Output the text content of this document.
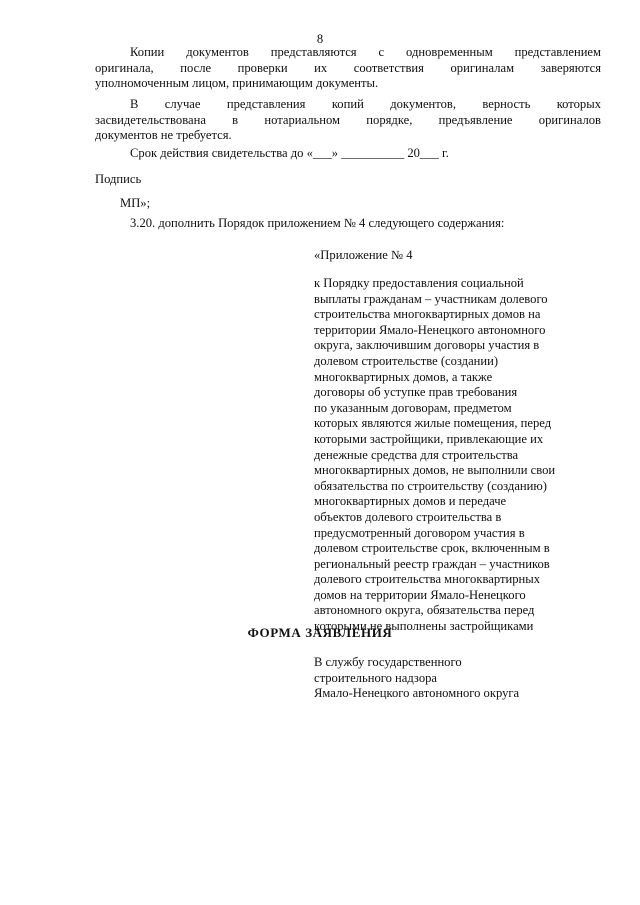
8
Копии документов представляются с одновременным представлением
оригинала, после проверки их соответствия оригиналам заверяются
уполномоченным лицом, принимающим документы.
В случае представления копий документов, верность которых
засвидетельствована в нотариальном порядке, предъявление оригиналов
документов не требуется.
Срок действия свидетельства до «___» __________ 20___ г.
Подпись
МП»;
3.20. дополнить Порядок приложением № 4 следующего содержания:
«Приложение № 4
к Порядку предоставления социальной
выплаты гражданам – участникам долевого
строительства многоквартирных домов на
территории Ямало-Ненецкого автономного
округа, заключившим договоры участия в
долевом строительстве (создании)
многоквартирных домов, а также
договоры об уступке прав требования
по указанным договорам, предметом
которых являются жилые помещения, перед
которыми застройщики, привлекающие их
денежные средства для строительства
многоквартирных домов, не выполнили свои
обязательства по строительству (созданию)
многоквартирных домов и передаче
объектов долевого строительства в
предусмотренный договором участия в
долевом строительстве срок, включенным в
региональный реестр граждан – участников
долевого строительства многоквартирных
домов на территории Ямало-Ненецкого
автономного округа, обязательства перед
которыми не выполнены застройщиками
ФОРМА ЗАЯВЛЕНИЯ
В службу государственного
строительного надзора
Ямало-Ненецкого автономного округа
